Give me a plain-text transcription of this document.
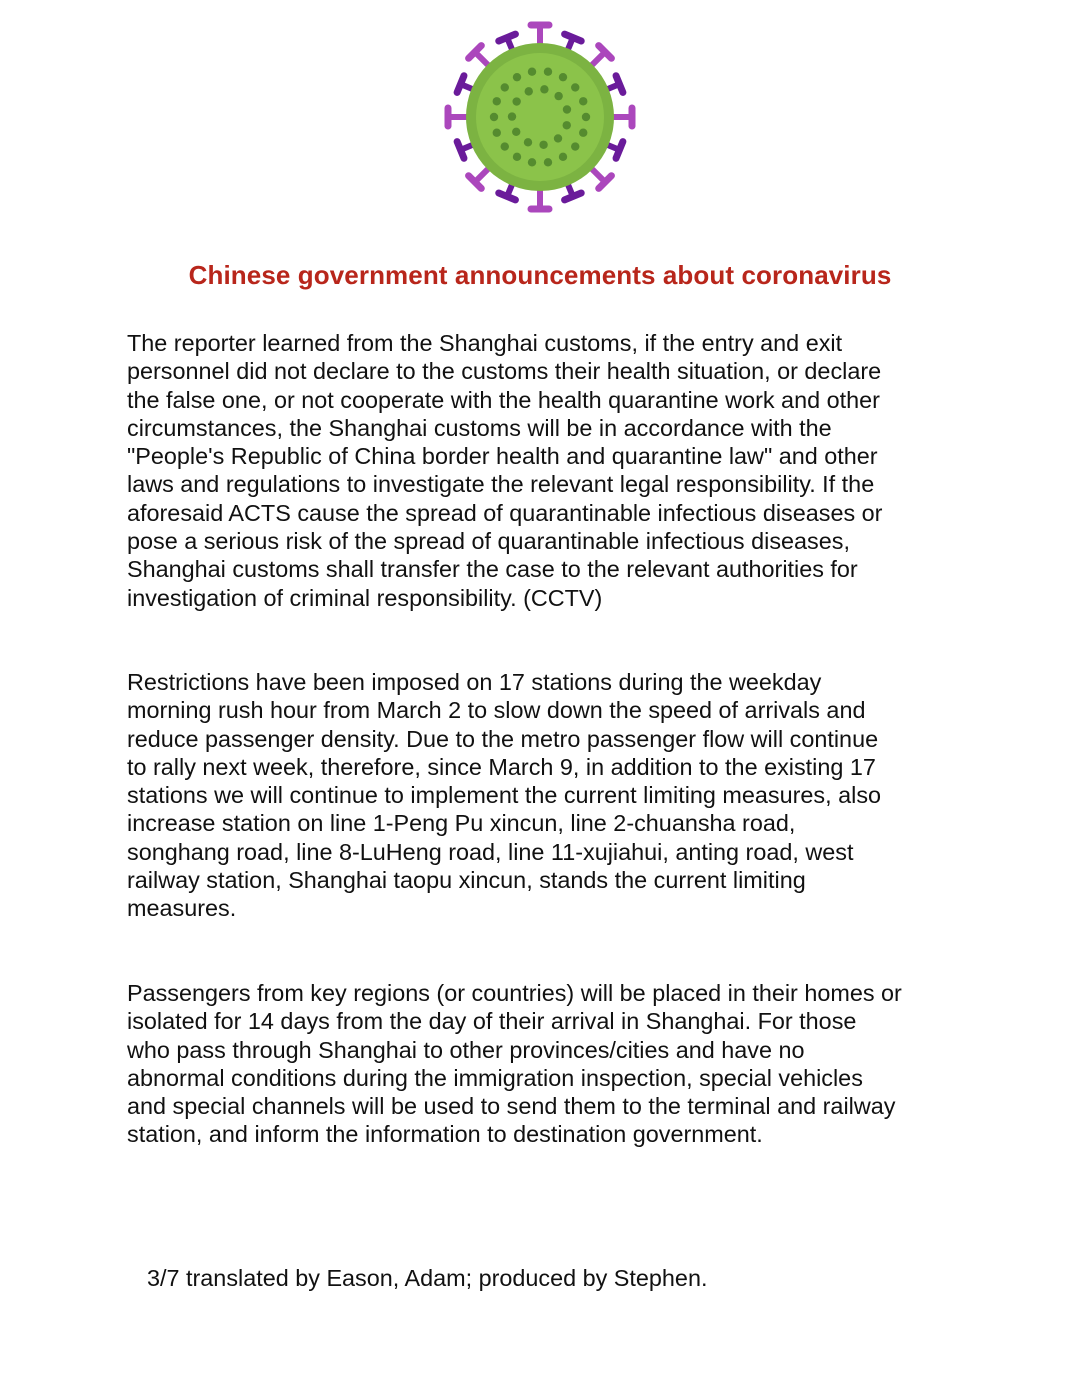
Chinese government announcements about coronavirus

The reporter learned from the Shanghai customs, if the entry and exit
personnel did not declare to the customs their health situation, or declare
the false one, or not cooperate with the health quarantine work and other
circumstances, the Shanghai customs will be in accordance with the
"People's Republic of China border health and quarantine law" and other
laws and regulations to investigate the relevant legal responsibility. If the
aforesaid ACTS cause the spread of quarantinable infectious diseases or
pose a serious risk of the spread of quarantinable infectious diseases,
Shanghai customs shall transfer the case to the relevant authorities for
investigation of criminal responsibility. (CCTV)

Restrictions have been imposed on 17 stations during the weekday
morning rush hour from March 2 to slow down the speed of arrivals and
reduce passenger density. Due to the metro passenger flow will continue
to rally next week, therefore, since March 9, in addition to the existing 17
stations we will continue to implement the current limiting measures, also
increase station on line 1-Peng Pu xincun, line 2-chuansha road,
songhang road, line 8-LuHeng road, line 11-xujiahui, anting road, west
railway station, Shanghai taopu xincun, stands the current limiting
measures.

Passengers from key regions (or countries) will be placed in their homes or
isolated for 14 days from the day of their arrival in Shanghai. For those
who pass through Shanghai to other provinces/cities and have no
abnormal conditions during the immigration inspection, special vehicles
and special channels will be used to send them to the terminal and railway
station, and inform the information to destination government.

3/7 translated by Eason, Adam; produced by Stephen.
